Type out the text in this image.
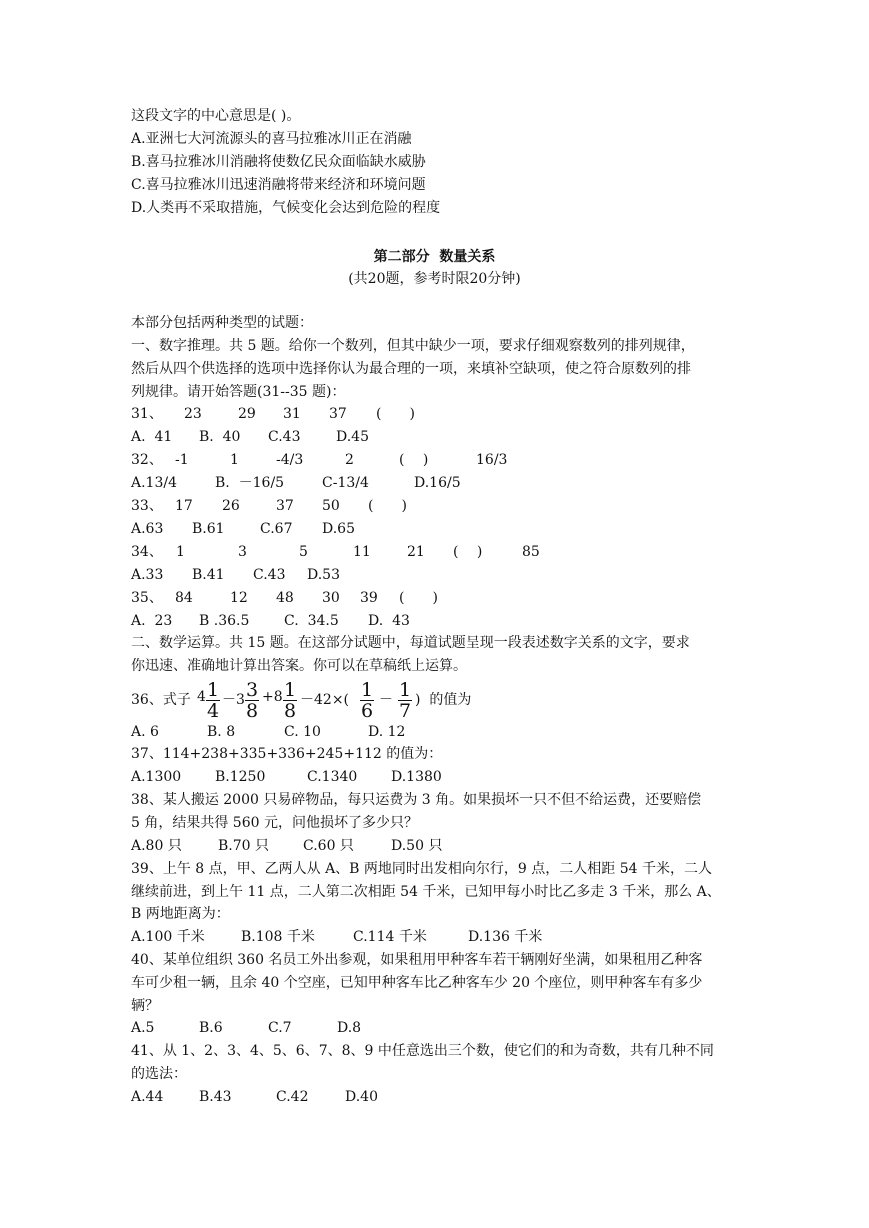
这段文字的中心意思是( )。
A.亚洲七大河流源头的喜马拉雅冰川正在消融
B.喜马拉雅冰川消融将使数亿民众面临缺水威胁
C.喜马拉雅冰川迅速消融将带来经济和环境问题
D.人类再不采取措施，气候变化会达到危险的程度
第二部分  数量关系
(共20题，参考时限20分钟)
本部分包括两种类型的试题：
一、数字推理。共 5 题。给你一个数列，但其中缺少一项，要求仔细观察数列的排列规律，
然后从四个供选择的选项中选择你认为最合理的一项，来填补空缺项，使之符合原数列的排
列规律。请开始答题(31--35 题)：
31、 23	29 31 37 (　　)
A.  41 B.  40 C.43	D.45
32、 -1	1	-4/3	2	(　 )	16/3
A.13/4	B.  －16/5	C-13/4	D.16/5
33、 17 26	37 50 (　　)
A.63 B.61	C.67 D.65
34、 1	3	5	11	21 (　 )	85
A.33 B.41 C.43 D.53
35、 84	12 48 30 39 (　　)
A.  23 B .36.5 C.  34.5 D.  43
二、数学运算。共 15 题。在这部分试题中，每道试题呈现一段表述数字关系的文字，要求
你迅速、准确地计算出答案。你可以在草稿纸上运算。
36、式子 $4 \frac{1}{4} -3 \frac{3}{8} +8 \frac{1}{8} -42\times( \frac{1}{6} - \frac{1}{7}$ )  的值为
A. 6	B. 8	C. 10	D. 12
37、114+238+335+336+245+112 的值为：
A.1300 B.1250	C.1340 D.1380
38、某人搬运 2000 只易碎物品，每只运费为 3 角。如果损坏一只不但不给运费，还要赔偿
5 角，结果共得 560 元，问他损坏了多少只？
A.80 只	B.70 只 C.60 只	D.50 只
39、上午 8 点，甲、乙两人从 A、B 两地同时出发相向尔行，9 点，二人相距 54 千米，二人
继续前进，到上午 11 点，二人第二次相距 54 千米，已知甲每小时比乙多走 3 千米，那么 A、
B 两地距离为：
A.100 千米	B.108 千米	C.114 千米	D.136 千米
40、某单位组织 360 名员工外出参观，如果租用甲种客车若干辆刚好坐满，如果租用乙种客
车可少租一辆，且余 40 个空座，已知甲种客车比乙种客车少 20 个座位，则甲种客车有多少
辆？
A.5	B.6	C.7	D.8
41、从 1、2、3、4、5、6、7、8、9 中任意选出三个数，使它们的和为奇数，共有几种不同
的选法：
A.44	B.43	C.42	D.40
